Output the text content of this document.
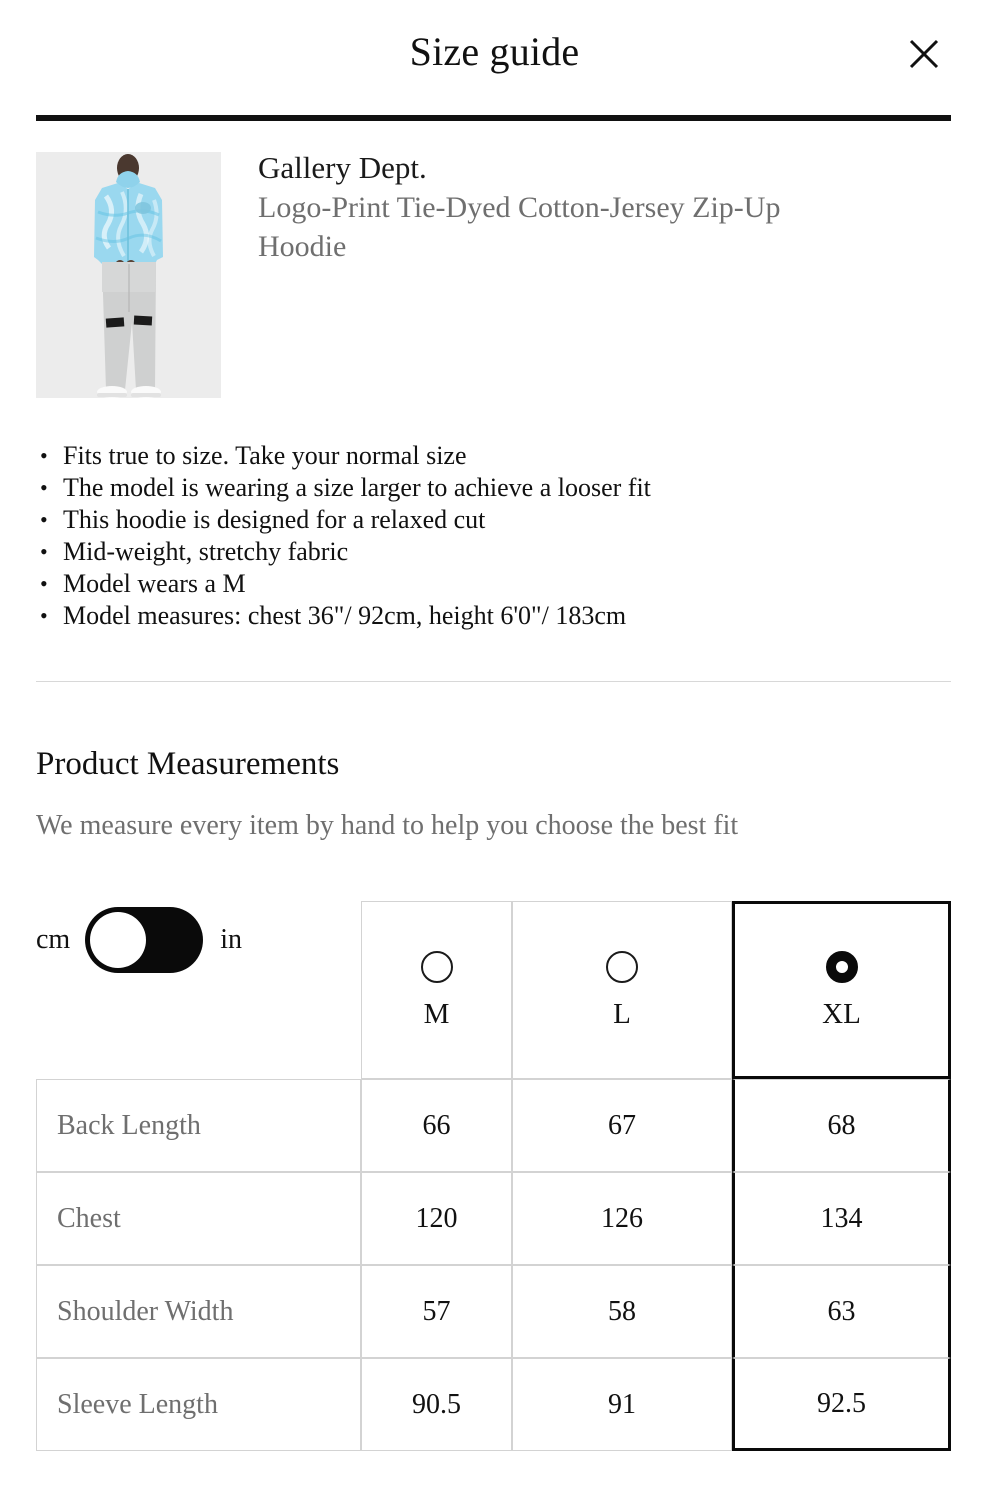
Size guide
Gallery Dept.
Logo-Print Tie-Dyed Cotton-Jersey Zip-Up Hoodie
• Fits true to size. Take your normal size
• The model is wearing a size larger to achieve a looser fit
• This hoodie is designed for a relaxed cut
• Mid-weight, stretchy fabric
• Model wears a M
• Model measures: chest 36"/ 92cm, height 6'0"/ 183cm
Product Measurements
We measure every item by hand to help you choose the best fit
cm	in
M	L	XL
Back Length	66	67	68
Chest	120	126	134
Shoulder Width	57	58	63
Sleeve Length	90.5	91	92.5
